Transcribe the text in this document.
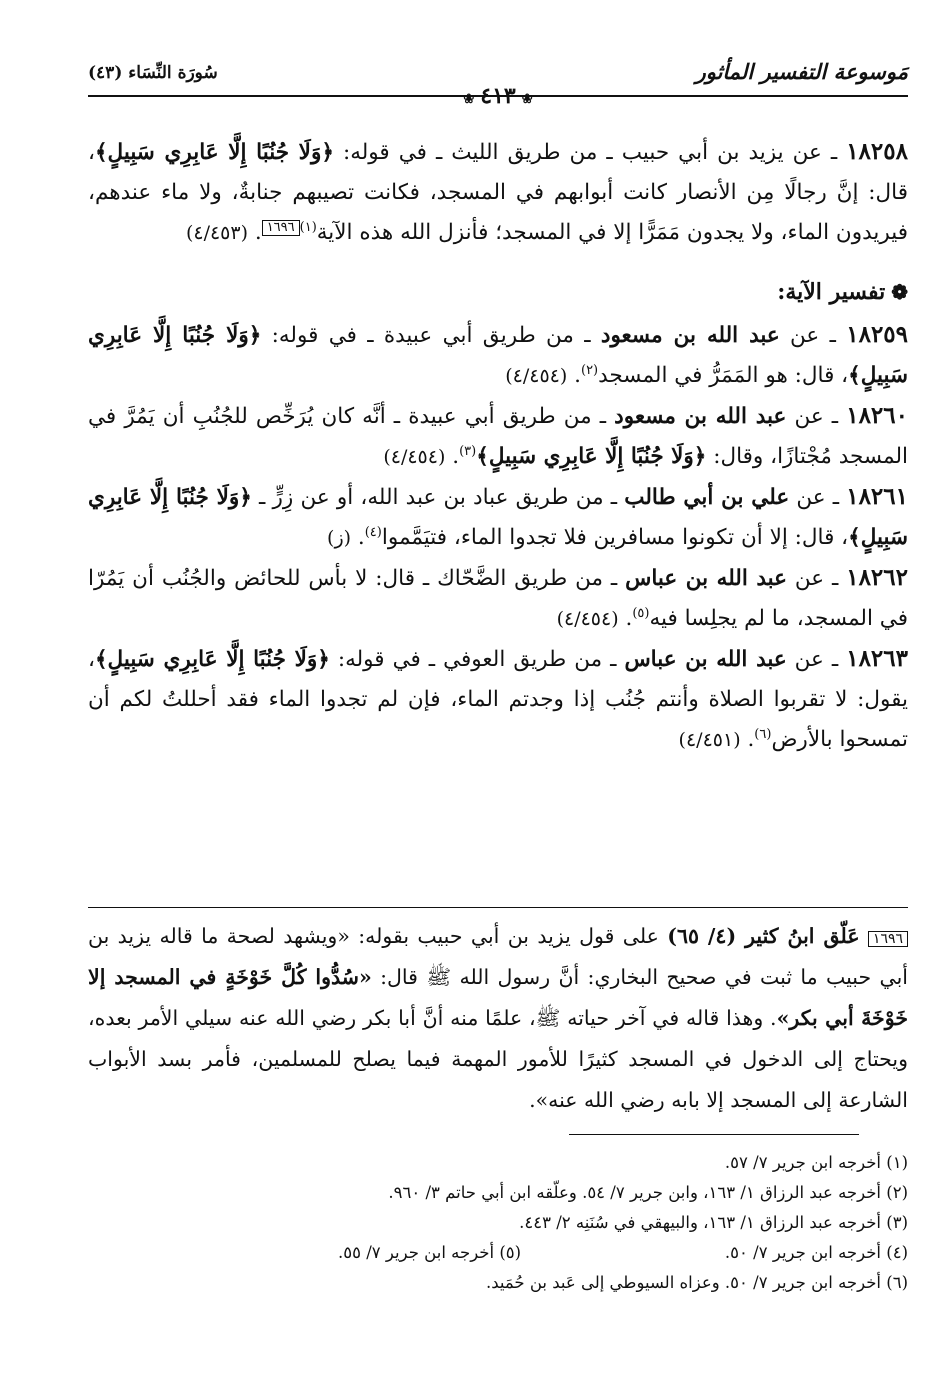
مَوسوعة التفسير المأثور
سُورَة النِّسَاء (٤٣)
❀٤١٣❀

١٨٢٥٨ ـ عن يزيد بن أبي حبيب ـ من طريق الليث ـ في قوله: ﴿وَلَا جُنُبًا إِلَّا عَابِرِي سَبِيلٍ﴾، قال: إنَّ رجالًا مِن الأنصار كانت أبوابهم في المسجد، فكانت تصيبهم جنابةٌ، ولا ماء عندهم، فيريدون الماء، ولا يجدون مَمَرًّا إلا في المسجد؛ فأنزل الله هذه الآية$^{(١)}$١٦٩٦. (٤/٤٥٣)

❁تفسير الآية:

١٨٢٥٩ ـ عن عبد الله بن مسعود ـ من طريق أبي عبيدة ـ في قوله: ﴿وَلَا جُنُبًا إِلَّا عَابِرِي سَبِيلٍ﴾، قال: هو المَمَرُّ في المسجد$^{(٢)}$. (٤/٤٥٤)

١٨٢٦٠ ـ عن عبد الله بن مسعود ـ من طريق أبي عبيدة ـ أنَّه كان يُرَخِّص للجُنُبِ أن يَمُرَّ في المسجد مُجْتازًا، وقال: ﴿وَلَا جُنُبًا إِلَّا عَابِرِي سَبِيلٍ﴾$^{(٣)}$. (٤/٤٥٤)

١٨٢٦١ ـ عن علي بن أبي طالب ـ من طريق عباد بن عبد الله، أو عن زِرٍّ ـ ﴿وَلَا جُنُبًا إِلَّا عَابِرِي سَبِيلٍ﴾، قال: إلا أن تكونوا مسافرين فلا تجدوا الماء، فتيَمَّموا$^{(٤)}$. (ز)

١٨٢٦٢ ـ عن عبد الله بن عباس ـ من طريق الضَّحّاك ـ قال: لا بأس للحائض والجُنُب أن يَمُرّا في المسجد، ما لم يجلِسا فيه$^{(٥)}$. (٤/٤٥٤)

١٨٢٦٣ ـ عن عبد الله بن عباس ـ من طريق العوفي ـ في قوله: ﴿وَلَا جُنُبًا إِلَّا عَابِرِي سَبِيلٍ﴾، يقول: لا تقربوا الصلاة وأنتم جُنُب إذا وجدتم الماء، فإن لم تجدوا الماء فقد أحللتُ لكم أن تمسحوا بالأرض$^{(٦)}$. (٤/٤٥١)

١٦٩٦ عَلّق ابنُ كثير (٤/ ٦٥) على قول يزيد بن أبي حبيب بقوله: «ويشهد لصحة ما قاله يزيد بن أبي حبيب ما ثبت في صحيح البخاري: أنَّ رسول الله ﷺ قال: «سُدُّوا كُلَّ خَوْخَةٍ في المسجد إلا خَوْخَةَ أبي بكر». وهذا قاله في آخر حياته ﷺ، علمًا منه أنَّ أبا بكر رضي الله عنه سيلي الأمر بعده، ويحتاج إلى الدخول في المسجد كثيرًا للأمور المهمة فيما يصلح للمسلمين، فأمر بسد الأبواب الشارعة إلى المسجد إلا بابه رضي الله عنه».

(١) أخرجه ابن جرير ٧/ ٥٧.
(٢) أخرجه عبد الرزاق ١/ ١٦٣، وابن جرير ٧/ ٥٤. وعلّقه ابن أبي حاتم ٣/ ٩٦٠.
(٣) أخرجه عبد الرزاق ١/ ١٦٣، والبيهقي في سُنَنِه ٢/ ٤٤٣.
(٤) أخرجه ابن جرير ٧/ ٥٠.
(٥) أخرجه ابن جرير ٧/ ٥٥.
(٦) أخرجه ابن جرير ٧/ ٥٠. وعزاه السيوطي إلى عَبد بن حُمَيد.
